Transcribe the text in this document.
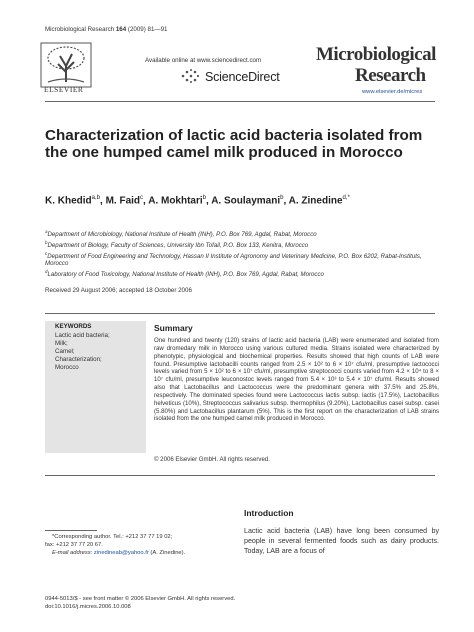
Microbiological Research 164 (2009) 81—91
ELSEVIER
Available online at www.sciencedirect.com
ScienceDirect
Microbiological
Research
www.elsevier.de/micres
Characterization of lactic acid bacteria isolated from the one humped camel milk produced in Morocco
K. Khedid$^{a,b}$, M. Faid$^c$, A. Mokhtari$^b$, A. Soulaymani$^b$, A. Zinedine$^{d,*}$
$^a$Department of Microbiology, National Institute of Health (INH), P.O. Box 769, Agdal, Rabat, Morocco
$^b$Department of Biology, Faculty of Sciences, University Ibn Tofail, P.O. Box 133, Kenitra, Morocco
$^c$Department of Food Engineering and Technology, Hassan II Institute of Agronomy and Veterinary Medicine, P.O. Box 6202, Rabat-Instituts, Morocco
$^d$Laboratory of Food Toxicology, National Institute of Health (INH), P.O. Box 769, Agdal, Rabat, Morocco
Received 29 August 2006; accepted 18 October 2006
KEYWORDS
Lactic acid bacteria;
Milk;
Camel;
Characterization;
Morocco
Summary
One hundred and twenty (120) strains of lactic acid bacteria (LAB) were enumerated and isolated from raw dromedary milk in Morocco using various cultured media. Strains isolated were characterized by phenotypic, physiological and biochemical properties. Results showed that high counts of LAB were found. Presumptive lactobacilli counts ranged from 2.5 × 10² to 6 × 10⁷ cfu/ml, presumptive lactococci levels varied from 5 × 10² to 6 × 10⁷ cfu/ml, presumptive streptococci counts varied from 4.2 × 10⁴ to 8 × 10⁷ cfu/ml, presumptive leuconostoc levels ranged from 5.4 × 10³ to 5.4 × 10⁷ cfu/ml. Results showed also that Lactobacillus and Lactococcus were the predominant genera with 37.5% and 25.8%, respectively. The dominated species found were Lactococcus lactis subsp. lactis (17.5%), Lactobacillus helveticus (10%), Streptococcus salivarius subsp. thermophilus (9.20%), Lactobacillus casei subsp. casei (5.80%) and Lactobacillus plantarum (5%). This is the first report on the characterization of LAB strains isolated from the one humped camel milk produced in Morocco.
© 2006 Elsevier GmbH. All rights reserved.
Introduction
Lactic acid bacteria (LAB) have long been consumed by people in several fermented foods such as dairy products. Today, LAB are a focus of
*Corresponding author. Tel.: +212 37 77 19 02;
fax: +212 37 77 20 67.
E-mail address: zinedineab@yahoo.fr (A. Zinedine).
0944-5013/$ - see front matter © 2006 Elsevier GmbH. All rights reserved.
doi:10.1016/j.micres.2006.10.008
